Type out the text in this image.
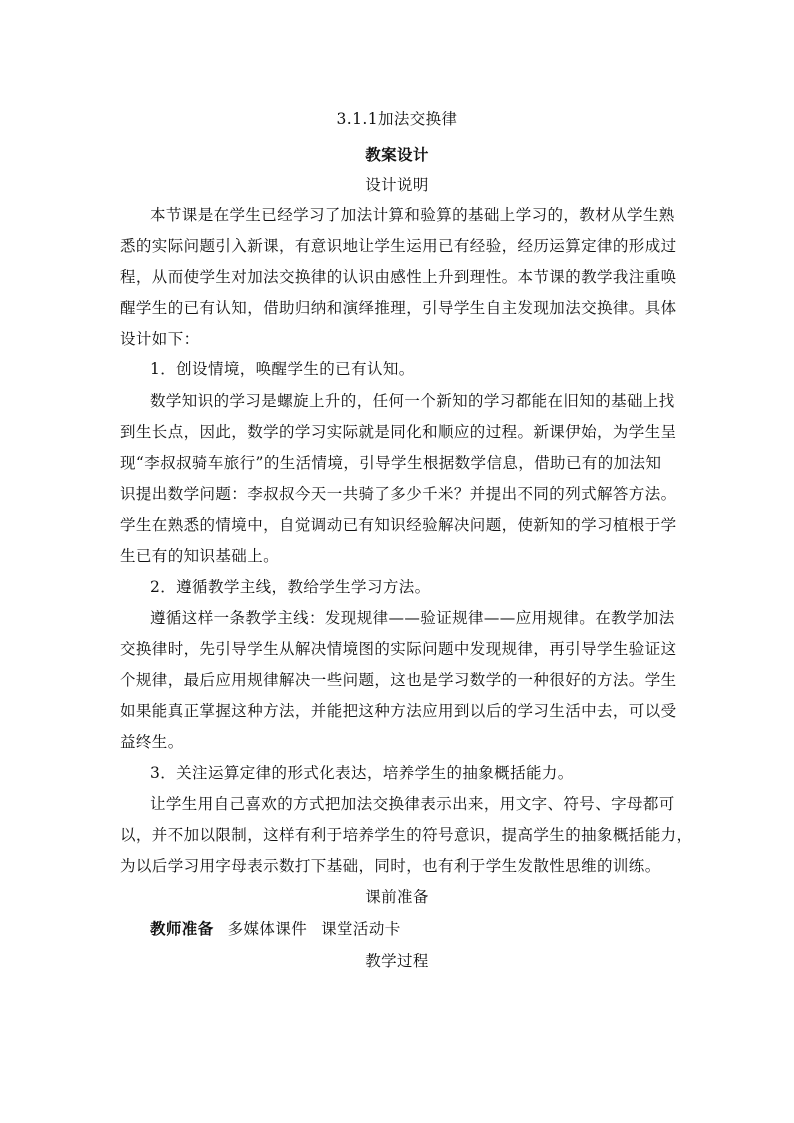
3.1.1加法交换律
教案设计
设计说明
本节课是在学生已经学习了加法计算和验算的基础上学习的，教材从学生熟
悉的实际问题引入新课，有意识地让学生运用已有经验，经历运算定律的形成过
程，从而使学生对加法交换律的认识由感性上升到理性。本节课的教学我注重唤
醒学生的已有认知，借助归纳和演绎推理，引导学生自主发现加法交换律。具体
设计如下：
1．创设情境，唤醒学生的已有认知。
数学知识的学习是螺旋上升的，任何一个新知的学习都能在旧知的基础上找
到生长点，因此，数学的学习实际就是同化和顺应的过程。新课伊始，为学生呈
现“李叔叔骑车旅行”的生活情境，引导学生根据数学信息，借助已有的加法知
识提出数学问题：李叔叔今天一共骑了多少千米？并提出不同的列式解答方法。
学生在熟悉的情境中，自觉调动已有知识经验解决问题，使新知的学习植根于学
生已有的知识基础上。
2．遵循教学主线，教给学生学习方法。
遵循这样一条教学主线：发现规律——验证规律——应用规律。在教学加法
交换律时，先引导学生从解决情境图的实际问题中发现规律，再引导学生验证这
个规律，最后应用规律解决一些问题，这也是学习数学的一种很好的方法。学生
如果能真正掌握这种方法，并能把这种方法应用到以后的学习生活中去，可以受
益终生。
3．关注运算定律的形式化表达，培养学生的抽象概括能力。
让学生用自己喜欢的方式把加法交换律表示出来，用文字、符号、字母都可
以，并不加以限制，这样有利于培养学生的符号意识，提高学生的抽象概括能力，
为以后学习用字母表示数打下基础，同时，也有利于学生发散性思维的训练。
课前准备
教师准备 多媒体课件 课堂活动卡
教学过程
